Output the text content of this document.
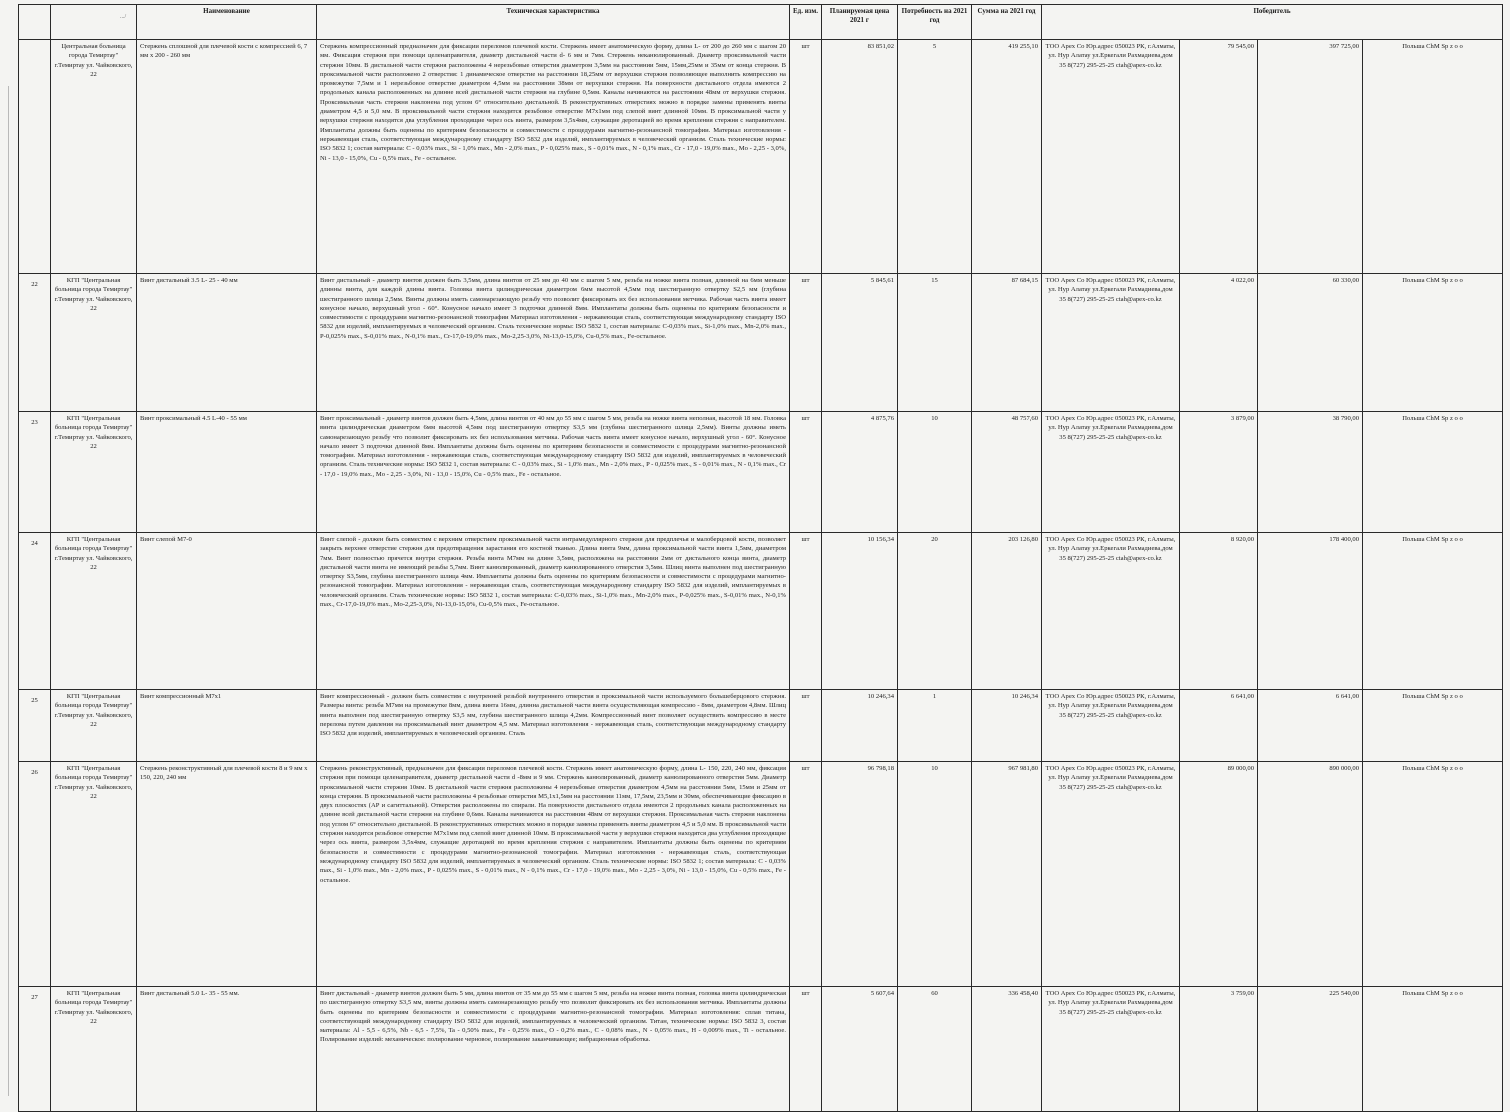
.../
		Наименование	Техническая характеристика	Ед. изм.	Планируемая цена 2021 г	Потребность на 2021 год	Сумма на 2021 год	Победитель			
	Центральная больница города Темиртау" г.Темиртау ул. Чайковского, 22	Стержень сплошной для плечевой кости с компрессией 6, 7 мм х 200 - 260 мм	Стержень компрессионный предназначен для фиксации переломов плечевой кости. Стержень имеет анатомическую форму, длина L- от 200 до 260 мм с шагом 20 мм. Фиксация стержня при помощи целенаправителя, диаметр дистальной части d- 6 мм и 7мм. Стержень неканюлированный. Диаметр проксимальной части стержня 10мм. В дистальной части стержня расположены 4 нерезьбовые отверстия диаметром 3,5мм на расстоянии 5мм, 15мм,25мм и 35мм от конца стержня. В проксимальной части расположено 2 отверстия: 1 динамическое отверстие на расстоянии 18,25мм от верхушки стержня позволяющее выполнить компрессию на промежутке 7,5мм и 1 нерезьбовое отверстие диаметром 4,5мм на расстоянии 38мм от верхушки стержня. На поверхности дистального отдела имеются 2 продольных канала расположенных на длинне всей дистальной части стержня на глубине 0,5мм. Каналы начинаются на расстоянии 48мм от верхушки стержня. Проксимальная часть стержня наклонена под углом 6° относительно дистальной. В реконструктивных отверстиях можно в порядке замены применять винты диаметром 4,5 и 5,0 мм. В проксимальной части стержня находится резьбовое отверстие М7х1мм под слепой винт длинной 10мм. В проксимальной части у верхушки стержня находятся два углубления проходящие через ось винта, размером 3,5х4мм, служащие деротацией во время крепления стержня с направителем. Имплантаты должны быть оценены по критериям безопасности и совместимости с процедурами магнитно-резонансной томографии. Материал изготовления - нержавеющая сталь, соответствующая международному стандарту ISO 5832 для изделий, имплантируемых в человеческий организм. Сталь технические нормы: ISO 5832 1; состав материала: C - 0,03% max., Si - 1,0% max., Mn - 2,0% max., P - 0,025% max., S - 0,01% max., N - 0,1% max., Cr - 17,0 - 19,0% max., Mo - 2,25 - 3,0%, Ni - 13,0 - 15,0%, Cu - 0,5% max., Fe - остальное.	шт	83 851,02	5	419 255,10	ТОО Apex Co Юр.адрес 050023 РК, г.Алматы, ул. Нур Алатау ул.Еркегали Рахмадиева,дом 35 8(727) 295-25-25 ctah@apex-co.kz	79 545,00	397 725,00	Польша ChM Sp z o o
22	КГП "Центральная больница города Темиртау" г.Темиртау ул. Чайковского, 22	Винт дистальный 3.5 L- 25 - 40 мм	Винт дистальный - диаметр винтов должен быть 3,5мм, длина винтов от 25 мм до 40 мм с шагом 5 мм, резьба на ножке винта полная, длинной на 6мм меньше длинны винта, для каждой длины винта. Головка винта цилиндрическая диаметром 6мм высотой 4,5мм под шестигранную отвертку S2,5 мм (глубина шестигранного шлица 2,5мм. Винты должны иметь самонарезающую резьбу что позволит фиксировать их без использования метчика. Рабочая часть винта имеет конусное начало, верхушный угол - 60°. Конусное начало имеет 3 подточки длинной 8мм. Имплантаты должны быть оценены по критериям безопасности и совместимости с процедурами магнитно-резонансной томографии Материал изготовления - нержавеющая сталь, соответствующая международному стандарту ISO 5832 для изделий, имплантируемых в человеческий организм. Сталь технические нормы: ISO 5832 1, состав материала: С-0,03% max., Si-1,0% max., Mn-2,0% max., P-0,025% max., S-0,01% max., N-0,1% max., Cr-17,0-19,0% max., Mo-2,25-3,0%, Ni-13,0-15,0%, Cu-0,5% max., Fe-остальное.	шт	5 845,61	15	87 684,15	ТОО Apex Co Юр.адрес 050023 РК, г.Алматы, ул. Нур Алатау ул.Еркегали Рахмадиева,дом 35 8(727) 295-25-25 ctah@apex-co.kz	4 022,00	60 330,00	Польша ChM Sp z o o
23	КГП "Центральная больница города Темиртау" г.Темиртау ул. Чайковского, 22	Винт проксимальный 4.5 L-40 - 55 мм	Винт проксимальный - диаметр винтов должен быть 4,5мм, длина винтов от 40 мм до 55 мм с шагом 5 мм, резьба на ножке винта неполная, высотой 18 мм. Головка винта цилиндрическая диаметром 6мм высотой 4,5мм под шестигранную отвертку S3,5 мм (глубина шестигранного шлица 2,5мм). Винты должны иметь самонарезающую резьбу что позволит фиксировать их без использования метчика. Рабочая часть винта имеет конусное начало, верхушный угол - 60°. Конусное начало имеет 3 подточки длинной 8мм. Имплантаты должны быть оценены по критериям безопасности и совместимости с процедурами магнитно-резонансной томографии. Материал изготовления - нержавеющая сталь, соответствующая международному стандарту ISO 5832 для изделий, имплантируемых в человеческий организм. Сталь технические нормы: ISO 5832 1, состав материала: C - 0,03% max., Si - 1,0% max., Mn - 2,0% max., P - 0,025% max., S - 0,01% max., N - 0,1% max., Cr - 17,0 - 19,0% max., Mo - 2,25 - 3,0%, Ni - 13,0 - 15,0%, Cu - 0,5% max., Fe - остальное.	шт	4 875,76	10	48 757,60	ТОО Apex Co Юр.адрес 050023 РК, г.Алматы, ул. Нур Алатау ул.Еркегали Рахмадиева,дом 35 8(727) 295-25-25 ctah@apex-co.kz	3 879,00	38 790,00	Польша ChM Sp z o o
24	КГП "Центральная больница города Темиртау" г.Темиртау ул. Чайковского, 22	Винт слепой М7-0	Винт слепой - должен быть совместим с верхним отверстием проксимальной части интрамедуллярного стержня для предплечья и малоберцовой кости, позволяет закрыть верхнее отверстие стержня для предотвращения зарастания его костной тканью. Длина винта 9мм, длина проксимальной части винта 1,5мм, диаметром 7мм. Винт полностью прячется внутри стержня. Резьба винта М7мм на длине 3,5мм, расположена на расстоянии 2мм от дистального конца винта, диаметр дистальной части винта не имеющий резьбы 5,7мм. Винт канюлированный, диаметр канюлированного отверстия 3,5мм. Шлиц винта выполнен под шестигранную отвертку S3,5мм, глубина шестигранного шлица 4мм. Имплантаты должны быть оценены по критериям безопасности и совместимости с процедурами магнитно-резонансной томографии. Материал изготовления - нержавеющая сталь, соответствующая международному стандарту ISO 5832 для изделий, имплантируемых в человеческий организм. Сталь технические нормы: ISO 5832 1, состав материала: С-0,03% max., Si-1,0% max., Mn-2,0% max., P-0,025% max., S-0,01% max., N-0,1% max., Cr-17,0-19,0% max., Mo-2,25-3,0%, Ni-13,0-15,0%, Cu-0,5% max., Fe-остальное.	шт	10 156,34	20	203 126,80	ТОО Apex Co Юр.адрес 050023 РК, г.Алматы, ул. Нур Алатау ул.Еркегали Рахмадиева,дом 35 8(727) 295-25-25 ctah@apex-co.kz	8 920,00	178 400,00	Польша ChM Sp z o o
25	КГП "Центральная больница города Темиртау" г.Темиртау ул. Чайковского, 22	Винт компрессионный М7х1	Винт компрессионный - должен быть совместим с внутренней резьбой внутреннего отверстия в проксимальной части используемого большеберцового стержня. Размеры винта: резьба М7мм на промежутке 8мм, длина винта 16мм, длинна дистальной части винта осуществляющая компрессию - 8мм, диаметром 4,8мм. Шлиц винта выполнен под шестигранную отвертку S3,5 мм, глубина шестигранного шлица 4,2мм. Компрессионный винт позволяет осуществить компрессию в месте перелома путем давления на проксимальный винт диаметром 4,5 мм. Материал изготовления - нержавеющая сталь, соответствующая международному стандарту ISO 5832 для изделий, имплантируемых в человеческий организм. Сталь	шт	10 246,34	1	10 246,34	ТОО Apex Co Юр.адрес 050023 РК, г.Алматы, ул. Нур Алатау ул.Еркегали Рахмадиева,дом 35 8(727) 295-25-25 ctah@apex-co.kz	6 641,00	6 641,00	Польша ChM Sp z o o
26	КГП "Центральная больница города Темиртау" г.Темиртау ул. Чайковского, 22	Стержень реконструктивный для плечевой кости 8 и 9 мм х 150, 220, 240 мм	Стержень реконструктивный, предназначен для фиксации переломов плечевой кости. Стержень имеет анатомическую форму, длина L- 150, 220, 240 мм, фиксация стержня при помощи целенаправителя, диаметр дистальной части d -8мм и 9 мм. Стержень канюлированный, диаметр канюлированного отверстия 5мм. Диаметр проксимальной части стержня 10мм. В дистальной части стержня расположены 4 нерезьбовые отверстия диаметром 4,5мм на расстоянии 5мм, 15мм и 25мм от конца стержня. В проксимальной части расположены 4 резьбовые отверстия М5,1х1,5мм на расстоянии 11мм, 17,5мм, 23,5мм и 30мм, обеспечивающие фиксацию в двух плоскостях (АР и сагиттальной). Отверстия расположены по спирали. На поверхности дистального отдела имеются 2 продольных канала расположенных на длинне всей дистальной части стержня на глубине 0,6мм. Каналы начинаются на расстоянии 48мм от верхушки стержня. Проксимальная часть стержня наклонена под углом 6° относительно дистальной. В реконструктивных отверстиях можно в порядке замены применять винты диаметром 4,5 и 5,0 мм. В проксимальной части стержня находится резьбовое отверстие М7х1мм под слепой винт длинной 10мм. В проксимальной части у верхушки стержня находятся два углубления проходящие через ось винта, размером 3,5х4мм, служащие деротацией во время крепления стержня с направителем. Имплантаты должны быть оценены по критериям безопасности и совместимости с процедурами магнитно-резонансной томографии. Материал изготовления - нержавеющая сталь, соответствующая международному стандарту ISO 5832 для изделий, имплантируемых в человеческий организм. Сталь технические нормы: ISO 5832 1; состав материала: C - 0,03% max., Si - 1,0% max., Mn - 2,0% max., P - 0,025% max., S - 0,01% max., N - 0,1% max., Cr - 17,0 - 19,0% max., Mo - 2,25 - 3,0%, Ni - 13,0 - 15,0%, Cu - 0,5% max., Fe - остальное.	шт	96 798,18	10	967 981,80	ТОО Apex Co Юр.адрес 050023 РК, г.Алматы, ул. Нур Алатау ул.Еркегали Рахмадиева,дом 35 8(727) 295-25-25 ctah@apex-co.kz	89 000,00	890 000,00	Польша ChM Sp z o o
27	КГП "Центральная больница города Темиртау" г.Темиртау ул. Чайковского, 22	Винт дистальный 5.0 L- 35 - 55 мм.	Винт дистальный - диаметр винтов должен быть 5 мм, длина винтов от 35 мм до 55 мм с шагом 5 мм, резьба на ножке винта полная, головка винта цилиндрическая по шестигранную отвертку S3,5 мм, винты должны иметь самонарезающую резьбу что позволит фиксировать их без использования метчика. Имплантаты должны быть оценены по критериям безопасности и совместимости с процедурами магнитно-резонансной томографии. Материал изготовления: сплав титана, соответствующий международному стандарту ISO 5832 для изделий, имплантируемых в человеческий организм. Титан, технические нормы: ISO 5832 3, состав материала: Al - 5,5 - 6,5%, Nb - 6,5 - 7,5%, Ta - 0,50% max., Fe - 0,25% max., O - 0,2% max., C - 0,08% max., N - 0,05% max., H - 0,009% max., Ti - остальное. Полирование изделий: механическое: полирование черновое, полирование заканчивающее; вибрационная обработка.	шт	5 607,64	60	336 458,40	ТОО Apex Co Юр.адрес 050023 РК, г.Алматы, ул. Нур Алатау ул.Еркегали Рахмадиева,дом 35 8(727) 295-25-25 ctah@apex-co.kz	3 759,00	225 540,00	Польша ChM Sp z o o
